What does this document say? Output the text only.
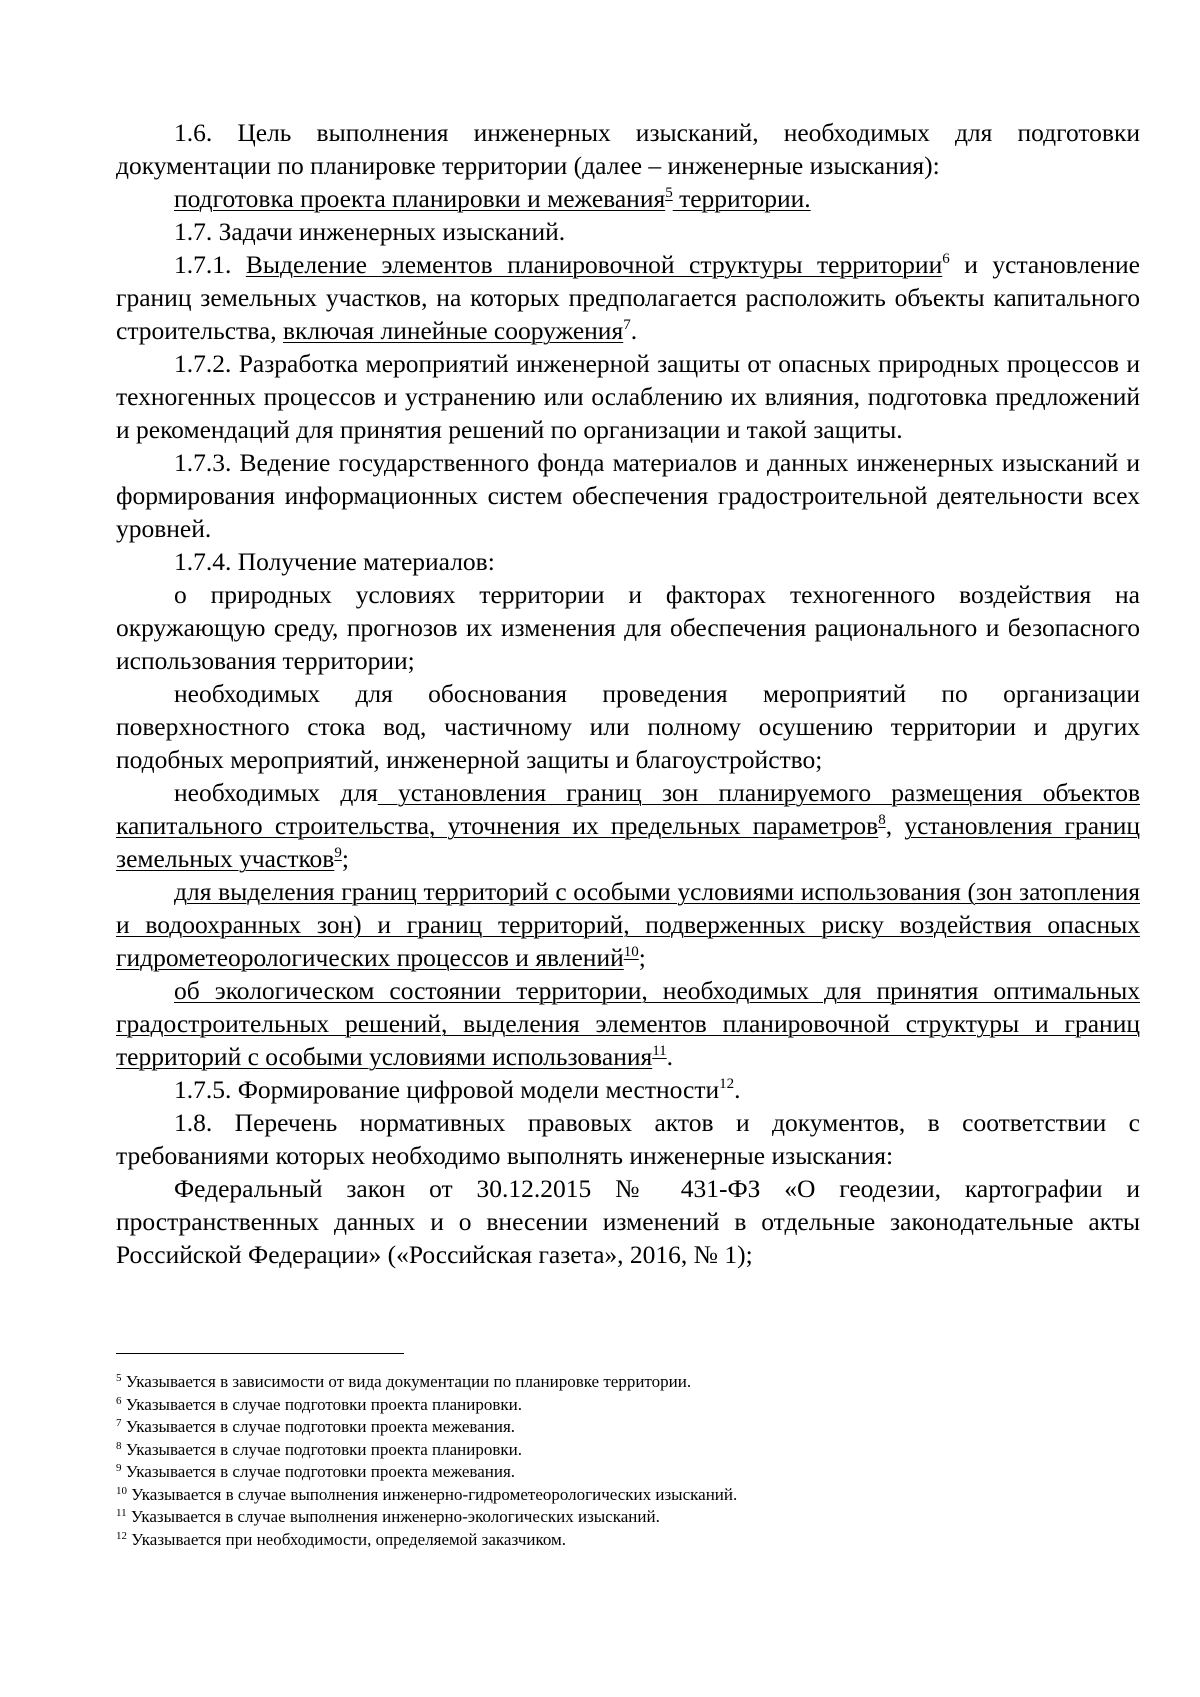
1.6. Цель выполнения инженерных изысканий, необходимых для подготовки документации по планировке территории (далее – инженерные изыскания):

подготовка проекта планировки и межевания$^5$ территории.

1.7. Задачи инженерных изысканий.

1.7.1. Выделение элементов планировочной структуры территории$^6$ и установление границ земельных участков, на которых предполагается расположить объекты капитального строительства, включая линейные сооружения$^7$.

1.7.2. Разработка мероприятий инженерной защиты от опасных природных процессов и техногенных процессов и устранению или ослаблению их влияния, подготовка предложений и рекомендаций для принятия решений по организации и такой защиты.

1.7.3. Ведение государственного фонда материалов и данных инженерных изысканий и формирования информационных систем обеспечения градостроительной деятельности всех уровней.

1.7.4. Получение материалов:

о природных условиях территории и факторах техногенного воздействия на окружающую среду, прогнозов их изменения для обеспечения рационального и безопасного использования территории;

необходимых для обоснования проведения мероприятий по организации поверхностного стока вод, частичному или полному осушению территории и других подобных мероприятий, инженерной защиты и благоустройство;

необходимых для установления границ зон планируемого размещения объектов капитального строительства, уточнения их предельных параметров$^8$, установления границ земельных участков$^9$;

для выделения границ территорий с особыми условиями использования (зон затопления и водоохранных зон) и границ территорий, подверженных риску воздействия опасных гидрометеорологических процессов и явлений$^{10}$;

об экологическом состоянии территории, необходимых для принятия оптимальных градостроительных решений, выделения элементов планировочной структуры и границ территорий с особыми условиями использования$^{11}$.

1.7.5. Формирование цифровой модели местности$^{12}$.

1.8. Перечень нормативных правовых актов и документов, в соответствии с требованиями которых необходимо выполнять инженерные изыскания:

Федеральный закон от 30.12.2015 № 431-ФЗ «О геодезии, картографии и пространственных данных и о внесении изменений в отдельные законодательные акты Российской Федерации» («Российская газета», 2016, № 1);

$^5$ Указывается в зависимости от вида документации по планировке территории.

$^6$ Указывается в случае подготовки проекта планировки.

$^7$ Указывается в случае подготовки проекта межевания.

$^8$ Указывается в случае подготовки проекта планировки.

$^9$ Указывается в случае подготовки проекта межевания.

$^{10}$ Указывается в случае выполнения инженерно-гидрометеорологических изысканий.

$^{11}$ Указывается в случае выполнения инженерно-экологических изысканий.

$^{12}$ Указывается при необходимости, определяемой заказчиком.
